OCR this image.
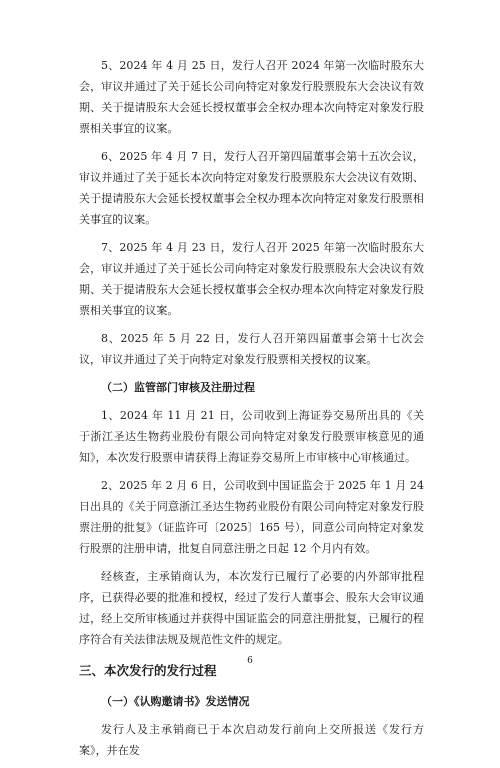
5、2024 年 4 月 25 日，发行人召开 2024 年第一次临时股东大会，审议并通过了关于延长公司向特定对象发行股票股东大会决议有效期、关于提请股东大会延长授权董事会全权办理本次向特定对象发行股票相关事宜的议案。

6、2025 年 4 月 7 日，发行人召开第四届董事会第十五次会议，审议并通过了关于延长本次向特定对象发行股票股东大会决议有效期、关于提请股东大会延长授权董事会全权办理本次向特定对象发行股票相关事宜的议案。

7、2025 年 4 月 23 日，发行人召开 2025 年第一次临时股东大会，审议并通过了关于延长公司向特定对象发行股票股东大会决议有效期、关于提请股东大会延长授权董事会全权办理本次向特定对象发行股票相关事宜的议案。

8、2025 年 5 月 22 日，发行人召开第四届董事会第十七次会议，审议并通过了关于向特定对象发行股票相关授权的议案。

（二）监管部门审核及注册过程

1、2024 年 11 月 21 日，公司收到上海证券交易所出具的《关于浙江圣达生物药业股份有限公司向特定对象发行股票审核意见的通知》，本次发行股票申请获得上海证券交易所上市审核中心审核通过。

2、2025 年 2 月 6 日，公司收到中国证监会于 2025 年 1 月 24 日出具的《关于同意浙江圣达生物药业股份有限公司向特定对象发行股票注册的批复》（证监许可〔2025〕165 号），同意公司向特定对象发行股票的注册申请，批复自同意注册之日起 12 个月内有效。

经核查，主承销商认为，本次发行已履行了必要的内外部审批程序，已获得必要的批准和授权，经过了发行人董事会、股东大会审议通过，经上交所审核通过并获得中国证监会的同意注册批复，已履行的程序符合有关法律法规及规范性文件的规定。

三、本次发行的发行过程

（一）《认购邀请书》发送情况

发行人及主承销商已于本次启动发行前向上交所报送《发行方案》，并在发

6
